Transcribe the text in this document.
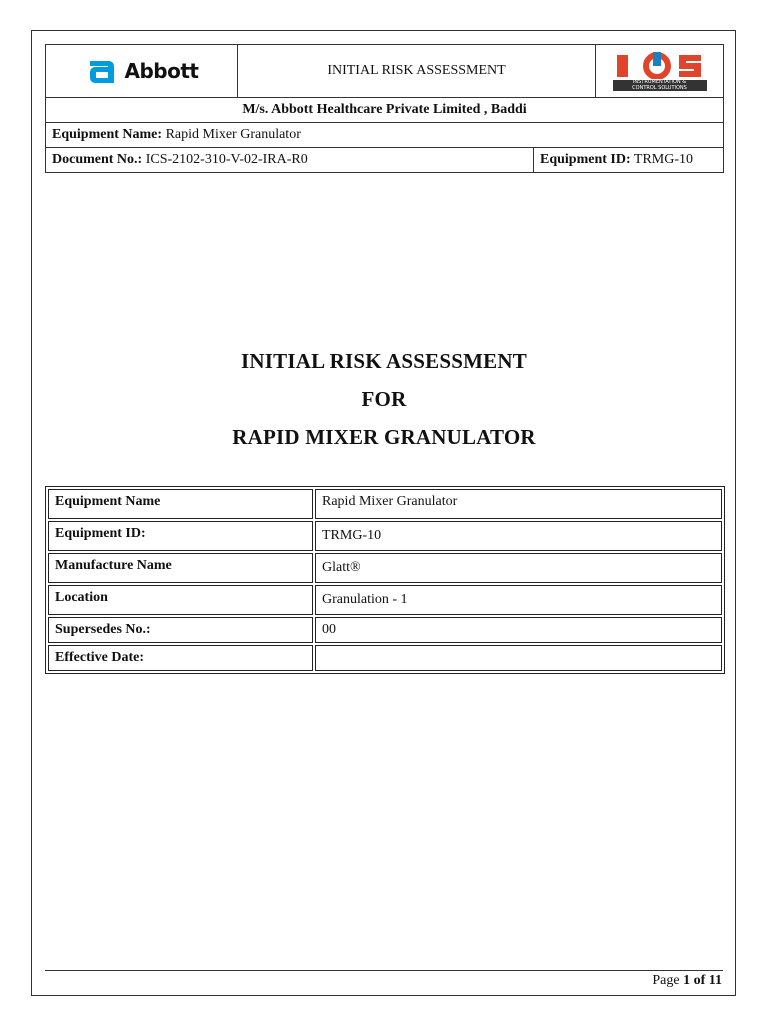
Abbott	INITIAL RISK ASSESSMENT		INSTRUMENTATION &
CONTROL SOLUTIONS

M/s. Abbott Healthcare Private Limited , Baddi			
Equipment Name: Rapid Mixer Granulator			
Document No.: ICS-2102-310-V-02-IRA-R0		Equipment ID: TRMG-10	
INITIAL RISK ASSESSMENT
FOR
RAPID MIXER GRANULATOR
Equipment Name	Rapid Mixer Granulator
Equipment ID:	TRMG-10
Manufacture Name	Glatt®
Location	Granulation - 1
Supersedes No.:	00
Effective Date:	
Page 1 of 11
